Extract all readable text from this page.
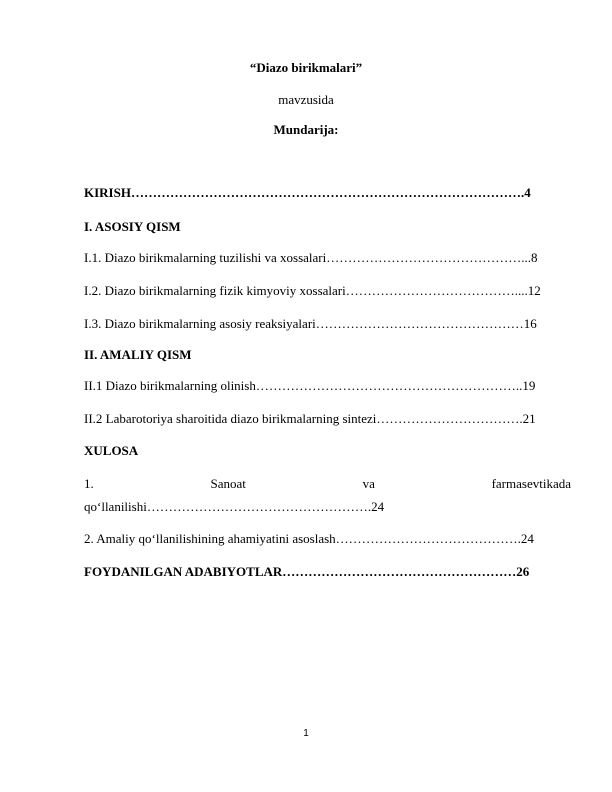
“Diazo birikmalari”
mavzusida
Mundarija:
KIRISH……………………………………………………………………………….4
I. ASOSIY QISM
I.1. Diazo birikmalarning tuzilishi va xossalari………………………………………...8
I.2. Diazo birikmalarning fizik kimyoviy xossalari…………………………………....12
I.3. Diazo birikmalarning asosiy reaksiyalari…………………………………………16
II. AMALIY QISM
II.1 Diazo birikmalarning olinish……………………………………………………..19
II.2 Labarotoriya sharoitida diazo birikmalarning sintezi…………………………….21
XULOSA
1.	Sanoat	va	farmasevtikada
qo‘llanilishi…………………………………………….24
2. Amaliy qo‘llanilishining ahamiyatini asoslash…………………………………….24
FOYDANILGAN ADABIYOTLAR………………………………………………26
1
